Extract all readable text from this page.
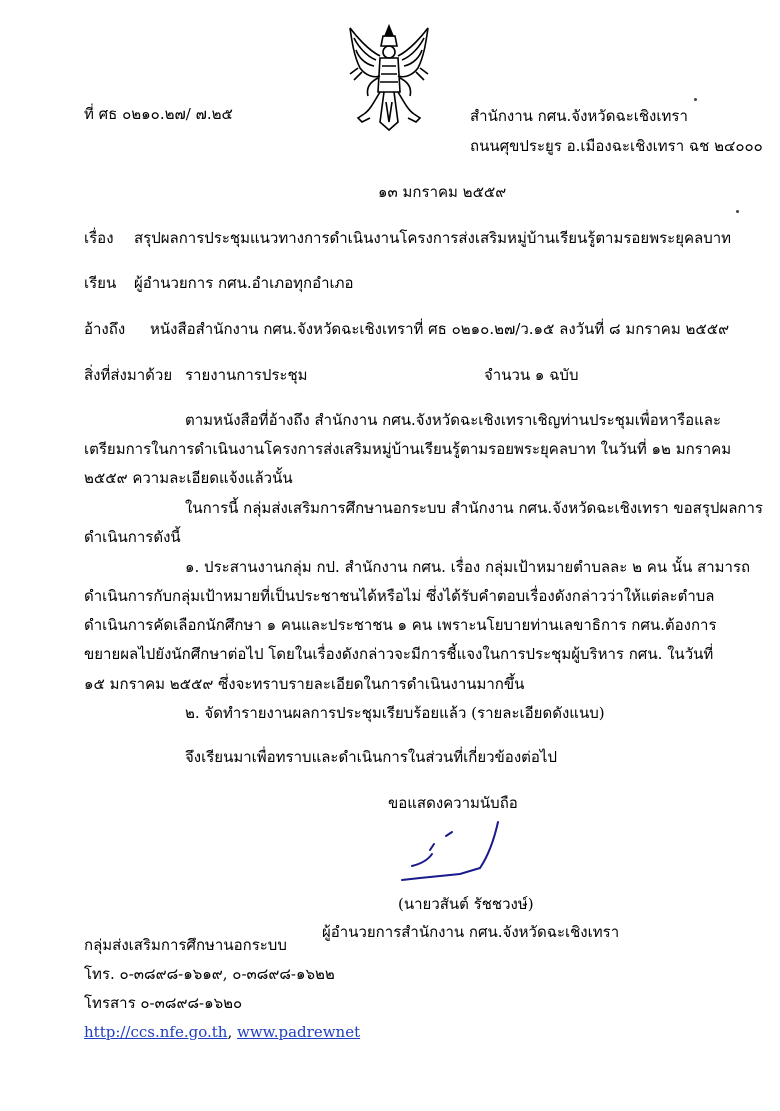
ที่ ศธ ๐๒๑๐.๒๗/ ๗.๒๕	สำนักงาน กศน.จังหวัดฉะเชิงเทรา
ถนนศุขประยูร อ.เมืองฉะเชิงเทรา ฉช ๒๔๐๐๐
๑๓ มกราคม ๒๕๕๙
เรื่อง สรุปผลการประชุมแนวทางการดำเนินงานโครงการส่งเสริมหมู่บ้านเรียนรู้ตามรอยพระยุคลบาท
เรียน ผู้อำนวยการ กศน.อำเภอทุกอำเภอ
อ้างถึง หนังสือสำนักงาน กศน.จังหวัดฉะเชิงเทราที่ ศธ ๐๒๑๐.๒๗/ว.๑๕ ลงวันที่ ๘ มกราคม ๒๕๕๙
สิ่งที่ส่งมาด้วย รายงานการประชุม	จำนวน ๑ ฉบับ
ตามหนังสือที่อ้างถึง สำนักงาน กศน.จังหวัดฉะเชิงเทราเชิญท่านประชุมเพื่อหารือและ
เตรียมการในการดำเนินงานโครงการส่งเสริมหมู่บ้านเรียนรู้ตามรอยพระยุคลบาท ในวันที่ ๑๒ มกราคม
๒๕๕๙ ความละเอียดแจ้งแล้วนั้น
ในการนี้ กลุ่มส่งเสริมการศึกษานอกระบบ สำนักงาน กศน.จังหวัดฉะเชิงเทรา ขอสรุปผลการ
ดำเนินการดังนี้
๑. ประสานงานกลุ่ม กป. สำนักงาน กศน. เรื่อง กลุ่มเป้าหมายตำบลละ ๒ คน นั้น สามารถ
ดำเนินการกับกลุ่มเป้าหมายที่เป็นประชาชนได้หรือไม่ ซึ่งได้รับคำตอบเรื่องดังกล่าวว่าให้แต่ละตำบล
ดำเนินการคัดเลือกนักศึกษา ๑ คนและประชาชน ๑ คน เพราะนโยบายท่านเลขาธิการ กศน.ต้องการ
ขยายผลไปยังนักศึกษาต่อไป โดยในเรื่องดังกล่าวจะมีการชี้แจงในการประชุมผู้บริหาร กศน. ในวันที่
๑๕ มกราคม ๒๕๕๙ ซึ่งจะทราบรายละเอียดในการดำเนินงานมากขึ้น
๒. จัดทำรายงานผลการประชุมเรียบร้อยแล้ว (รายละเอียดดังแนบ)
จึงเรียนมาเพื่อทราบและดำเนินการในส่วนที่เกี่ยวข้องต่อไป
ขอแสดงความนับถือ
(นายวสันต์ รัชชวงษ์)
ผู้อำนวยการสำนักงาน กศน.จังหวัดฉะเชิงเทรา
กลุ่มส่งเสริมการศึกษานอกระบบ
โทร. ๐-๓๘๙๘-๑๖๑๙, ๐-๓๘๙๘-๑๖๒๒
โทรสาร ๐-๓๘๙๘-๑๖๒๐
http://ccs.nfe.go.th, www.padrewnet
